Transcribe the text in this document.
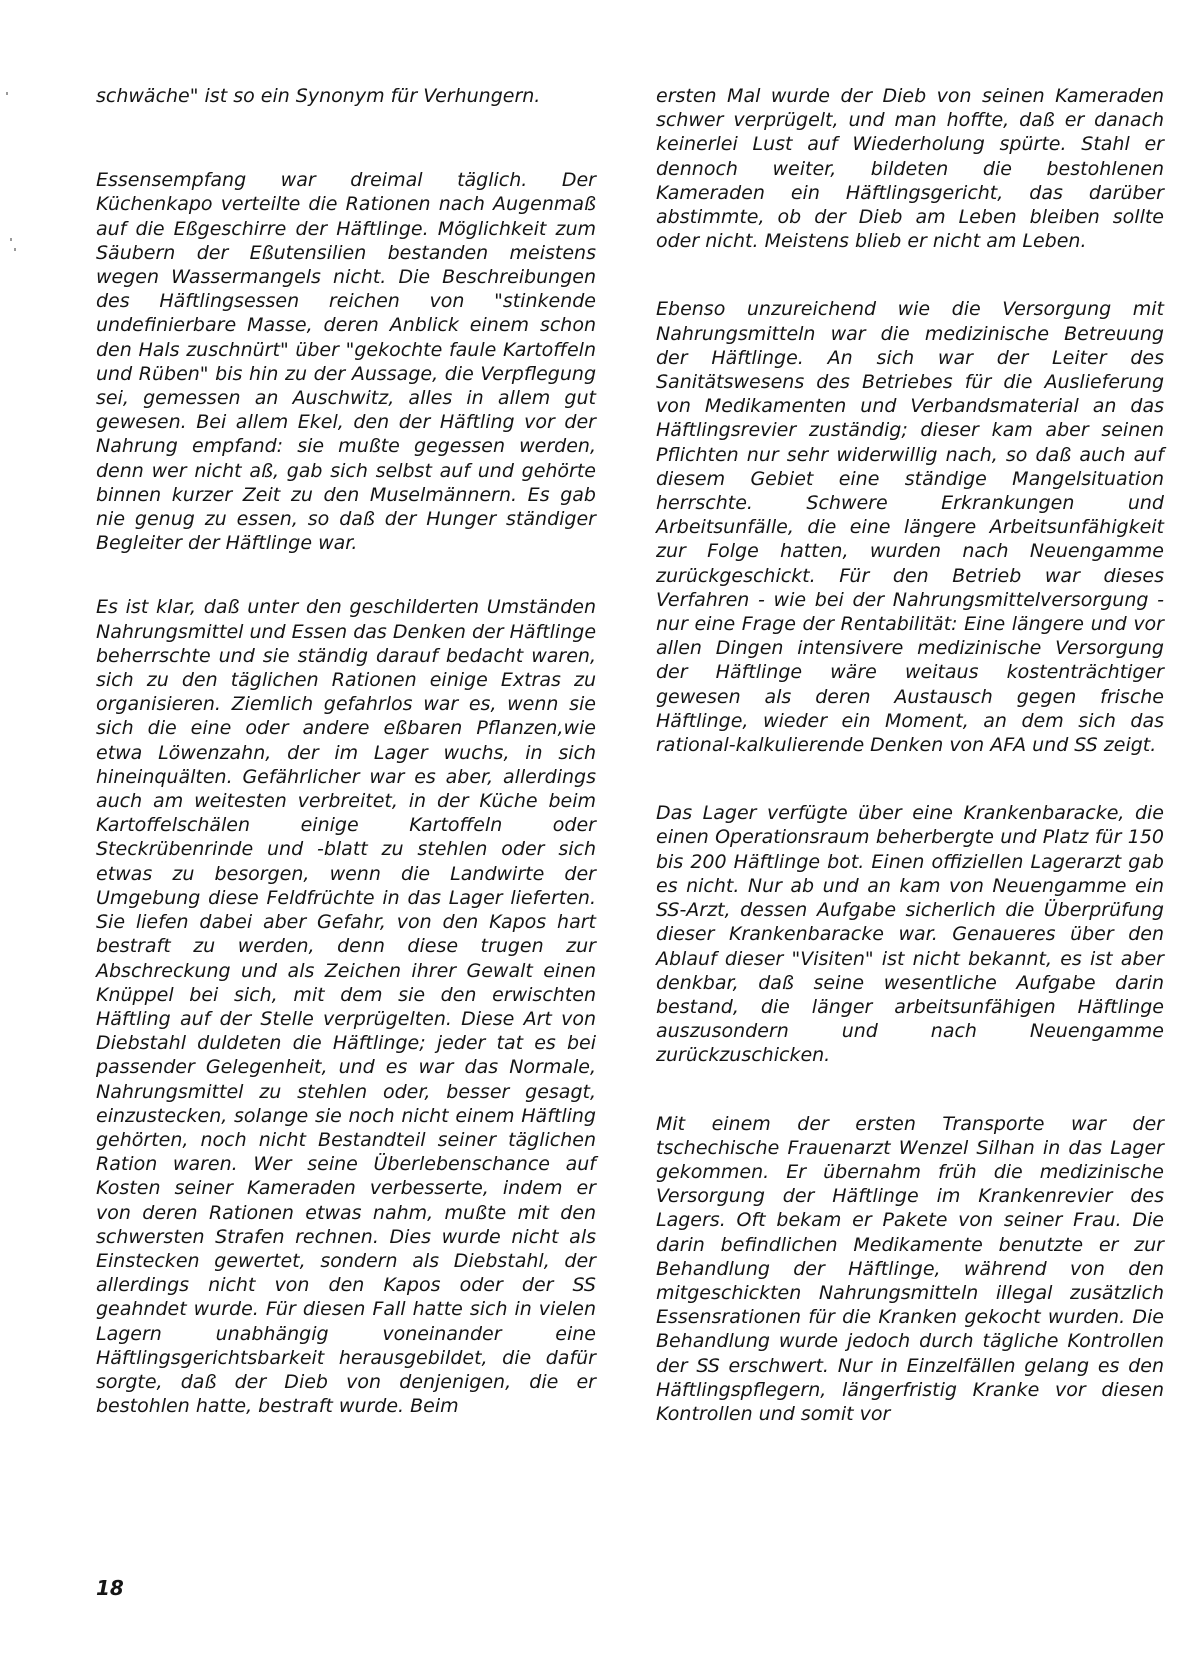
schwäche" ist so ein Synonym für Verhungern.

Essensempfang war dreimal täglich. Der Küchenkapo verteilte die Rationen nach Augenmaß auf die Eßgeschirre der Häftlinge. Möglichkeit zum Säubern der Eßutensilien bestanden meistens wegen Wassermangels nicht. Die Beschreibungen des Häftlingsessen reichen von "stinkende undefinierbare Masse, deren Anblick einem schon den Hals zuschnürt" über "gekochte faule Kartoffeln und Rüben" bis hin zu der Aussage, die Verpflegung sei, gemessen an Auschwitz, alles in allem gut gewesen. Bei allem Ekel, den der Häftling vor der Nahrung empfand: sie mußte gegessen werden, denn wer nicht aß, gab sich selbst auf und gehörte binnen kurzer Zeit zu den Muselmännern. Es gab nie genug zu essen, so daß der Hunger ständiger Begleiter der Häftlinge war.

Es ist klar, daß unter den geschilderten Umständen Nahrungsmittel und Essen das Denken der Häftlinge beherrschte und sie ständig darauf bedacht waren, sich zu den täglichen Rationen einige Extras zu organisieren. Ziemlich gefahrlos war es, wenn sie sich die eine oder andere eßbaren Pflanzen,wie etwa Löwenzahn, der im Lager wuchs, in sich hineinquälten. Gefährlicher war es aber, allerdings auch am weitesten verbreitet, in der Küche beim Kartoffelschälen einige Kartoffeln oder Steckrübenrinde und -blatt zu stehlen oder sich etwas zu besorgen, wenn die Landwirte der Umgebung diese Feldfrüchte in das Lager lieferten. Sie liefen dabei aber Gefahr, von den Kapos hart bestraft zu werden, denn diese trugen zur Abschreckung und als Zeichen ihrer Gewalt einen Knüppel bei sich, mit dem sie den erwischten Häftling auf der Stelle verprügelten. Diese Art von Diebstahl duldeten die Häftlinge; jeder tat es bei passender Gelegenheit, und es war das Normale, Nahrungsmittel zu stehlen oder, besser gesagt, einzustecken, solange sie noch nicht einem Häftling gehörten, noch nicht Bestandteil seiner täglichen Ration waren. Wer seine Überlebenschance auf Kosten seiner Kameraden verbesserte, indem er von deren Rationen etwas nahm, mußte mit den schwersten Strafen rechnen. Dies wurde nicht als Einstecken gewertet, sondern als Diebstahl, der allerdings nicht von den Kapos oder der SS geahndet wurde. Für diesen Fall hatte sich in vielen Lagern unabhängig voneinander eine Häftlingsgerichtsbarkeit herausgebildet, die dafür sorgte, daß der Dieb von denjenigen, die er bestohlen hatte, bestraft wurde. Beim

ersten Mal wurde der Dieb von seinen Kameraden schwer verprügelt, und man hoffte, daß er danach keinerlei Lust auf Wiederholung spürte. Stahl er dennoch weiter, bildeten die bestohlenen Kameraden ein Häftlingsgericht, das darüber abstimmte, ob der Dieb am Leben bleiben sollte oder nicht. Meistens blieb er nicht am Leben.

Ebenso unzureichend wie die Versorgung mit Nahrungsmitteln war die medizinische Betreuung der Häftlinge. An sich war der Leiter des Sanitätswesens des Betriebes für die Auslieferung von Medikamenten und Verbandsmaterial an das Häftlingsrevier zuständig; dieser kam aber seinen Pflichten nur sehr widerwillig nach, so daß auch auf diesem Gebiet eine ständige Mangelsituation herrschte. Schwere Erkrankungen und Arbeitsunfälle, die eine längere Arbeitsunfähigkeit zur Folge hatten, wurden nach Neuengamme zurückgeschickt. Für den Betrieb war dieses Verfahren - wie bei der Nahrungsmittelversorgung - nur eine Frage der Rentabilität: Eine längere und vor allen Dingen intensivere medizinische Versorgung der Häftlinge wäre weitaus kostenträchtiger gewesen als deren Austausch gegen frische Häftlinge, wieder ein Moment, an dem sich das rational-kalkulierende Denken von AFA und SS zeigt.

Das Lager verfügte über eine Krankenbaracke, die einen Operationsraum beherbergte und Platz für 150 bis 200 Häftlinge bot. Einen offiziellen Lagerarzt gab es nicht. Nur ab und an kam von Neuengamme ein SS-Arzt, dessen Aufgabe sicherlich die Überprüfung dieser Krankenbaracke war. Genaueres über den Ablauf dieser "Visiten" ist nicht bekannt, es ist aber denkbar, daß seine wesentliche Aufgabe darin bestand, die länger arbeitsunfähigen Häftlinge auszusondern und nach Neuengamme zurückzuschicken.

Mit einem der ersten Transporte war der tschechische Frauenarzt Wenzel Silhan in das Lager gekommen. Er übernahm früh die medizinische Versorgung der Häftlinge im Krankenrevier des Lagers. Oft bekam er Pakete von seiner Frau. Die darin befindlichen Medikamente benutzte er zur Behandlung der Häftlinge, während von den mitgeschickten Nahrungsmitteln illegal zusätzlich Essensrationen für die Kranken gekocht wurden. Die Behandlung wurde jedoch durch tägliche Kontrollen der SS erschwert. Nur in Einzelfällen gelang es den Häftlingspflegern, längerfristig Kranke vor diesen Kontrollen und somit vor

18
